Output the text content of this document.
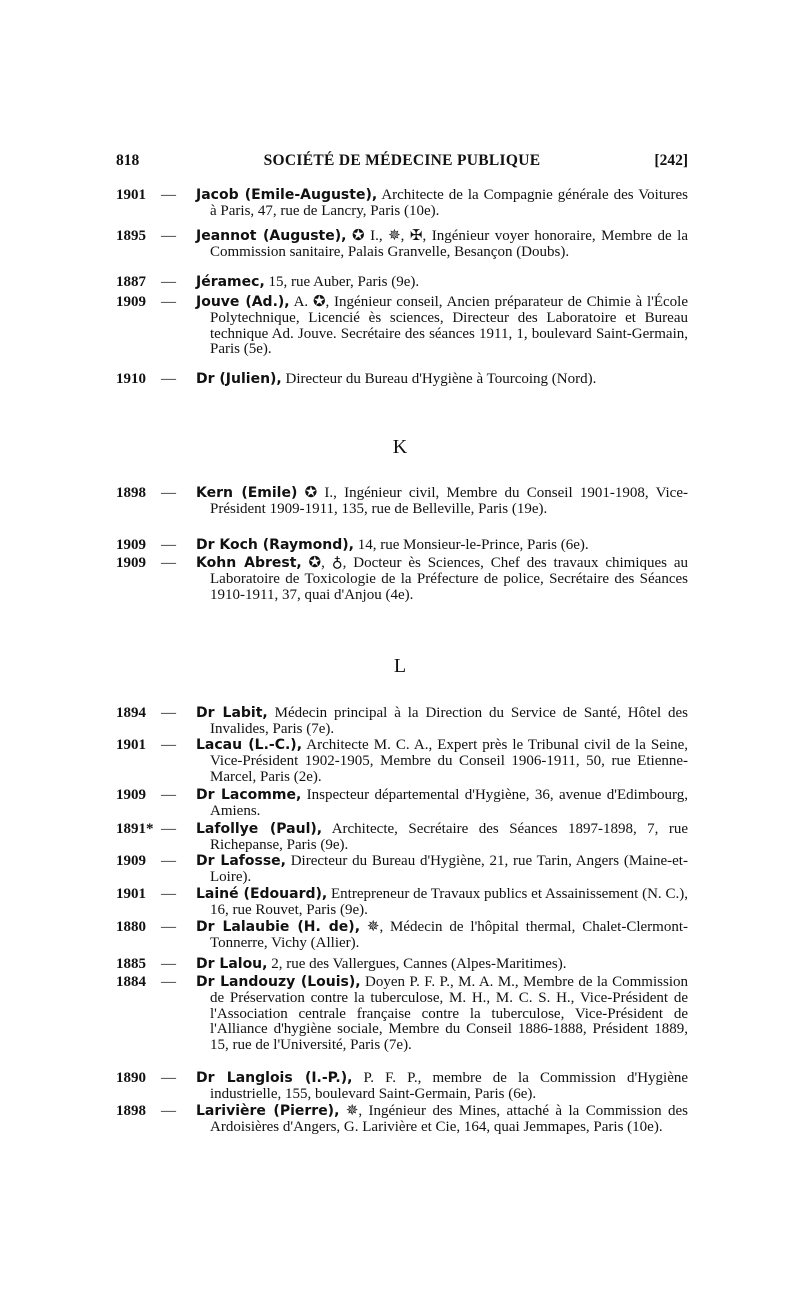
818	SOCIÉTÉ DE MÉDECINE PUBLIQUE	[242]
1901 — Jacob (Emile-Auguste), Architecte de la Compagnie générale des Voitures à Paris, 47, rue de Lancry, Paris (10e).
1895 — Jeannot (Auguste), ✪ I., ✵, ✠, Ingénieur voyer honoraire, Membre de la Commission sanitaire, Palais Granvelle, Besançon (Doubs).
1887 — Jéramec, 15, rue Auber, Paris (9e).
1909 — Jouve (Ad.), A. ✪, Ingénieur conseil, Ancien préparateur de Chimie à l'École Polytechnique, Licencié ès sciences, Directeur des Laboratoire et Bureau technique Ad. Jouve. Secrétaire des séances 1911, 1, boulevard Saint-Germain, Paris (5e).
1910 — Dr (Julien), Directeur du Bureau d'Hygiène à Tourcoing (Nord).
K
1898 — Kern (Emile) ✪ I., Ingénieur civil, Membre du Conseil 1901-1908, Vice-Président 1909-1911, 135, rue de Belleville, Paris (19e).
1909 — Dr Koch (Raymond), 14, rue Monsieur-le-Prince, Paris (6e).
1909 — Kohn Abrest, ✪, ♁, Docteur ès Sciences, Chef des travaux chimiques au Laboratoire de Toxicologie de la Préfecture de police, Secrétaire des Séances 1910-1911, 37, quai d'Anjou (4e).
L
1894 — Dr Labit, Médecin principal à la Direction du Service de Santé, Hôtel des Invalides, Paris (7e).
1901 — Lacau (L.-C.), Architecte M. C. A., Expert près le Tribunal civil de la Seine, Vice-Président 1902-1905, Membre du Conseil 1906-1911, 50, rue Etienne-Marcel, Paris (2e).
1909 — Dr Lacomme, Inspecteur départemental d'Hygiène, 36, avenue d'Edimbourg, Amiens.
1891* — Lafollye (Paul), Architecte, Secrétaire des Séances 1897-1898, 7, rue Richepanse, Paris (9e).
1909 — Dr Lafosse, Directeur du Bureau d'Hygiène, 21, rue Tarin, Angers (Maine-et-Loire).
1901 — Lainé (Edouard), Entrepreneur de Travaux publics et Assainissement (N. C.), 16, rue Rouvet, Paris (9e).
1880 — Dr Lalaubie (H. de), ✵, Médecin de l'hôpital thermal, Chalet-Clermont-Tonnerre, Vichy (Allier).
1885 — Dr Lalou, 2, rue des Vallergues, Cannes (Alpes-Maritimes).
1884 — Dr Landouzy (Louis), Doyen P. F. P., M. A. M., Membre de la Commission de Préservation contre la tuberculose, M. H., M. C. S. H., Vice-Président de l'Association centrale française contre la tuberculose, Vice-Président de l'Alliance d'hygiène sociale, Membre du Conseil 1886-1888, Président 1889, 15, rue de l'Université, Paris (7e).
1890 — Dr Langlois (I.-P.), P. F. P., membre de la Commission d'Hygiène industrielle, 155, boulevard Saint-Germain, Paris (6e).
1898 — Larivière (Pierre), ✵, Ingénieur des Mines, attaché à la Commission des Ardoisières d'Angers, G. Larivière et Cie, 164, quai Jemmapes, Paris (10e).
